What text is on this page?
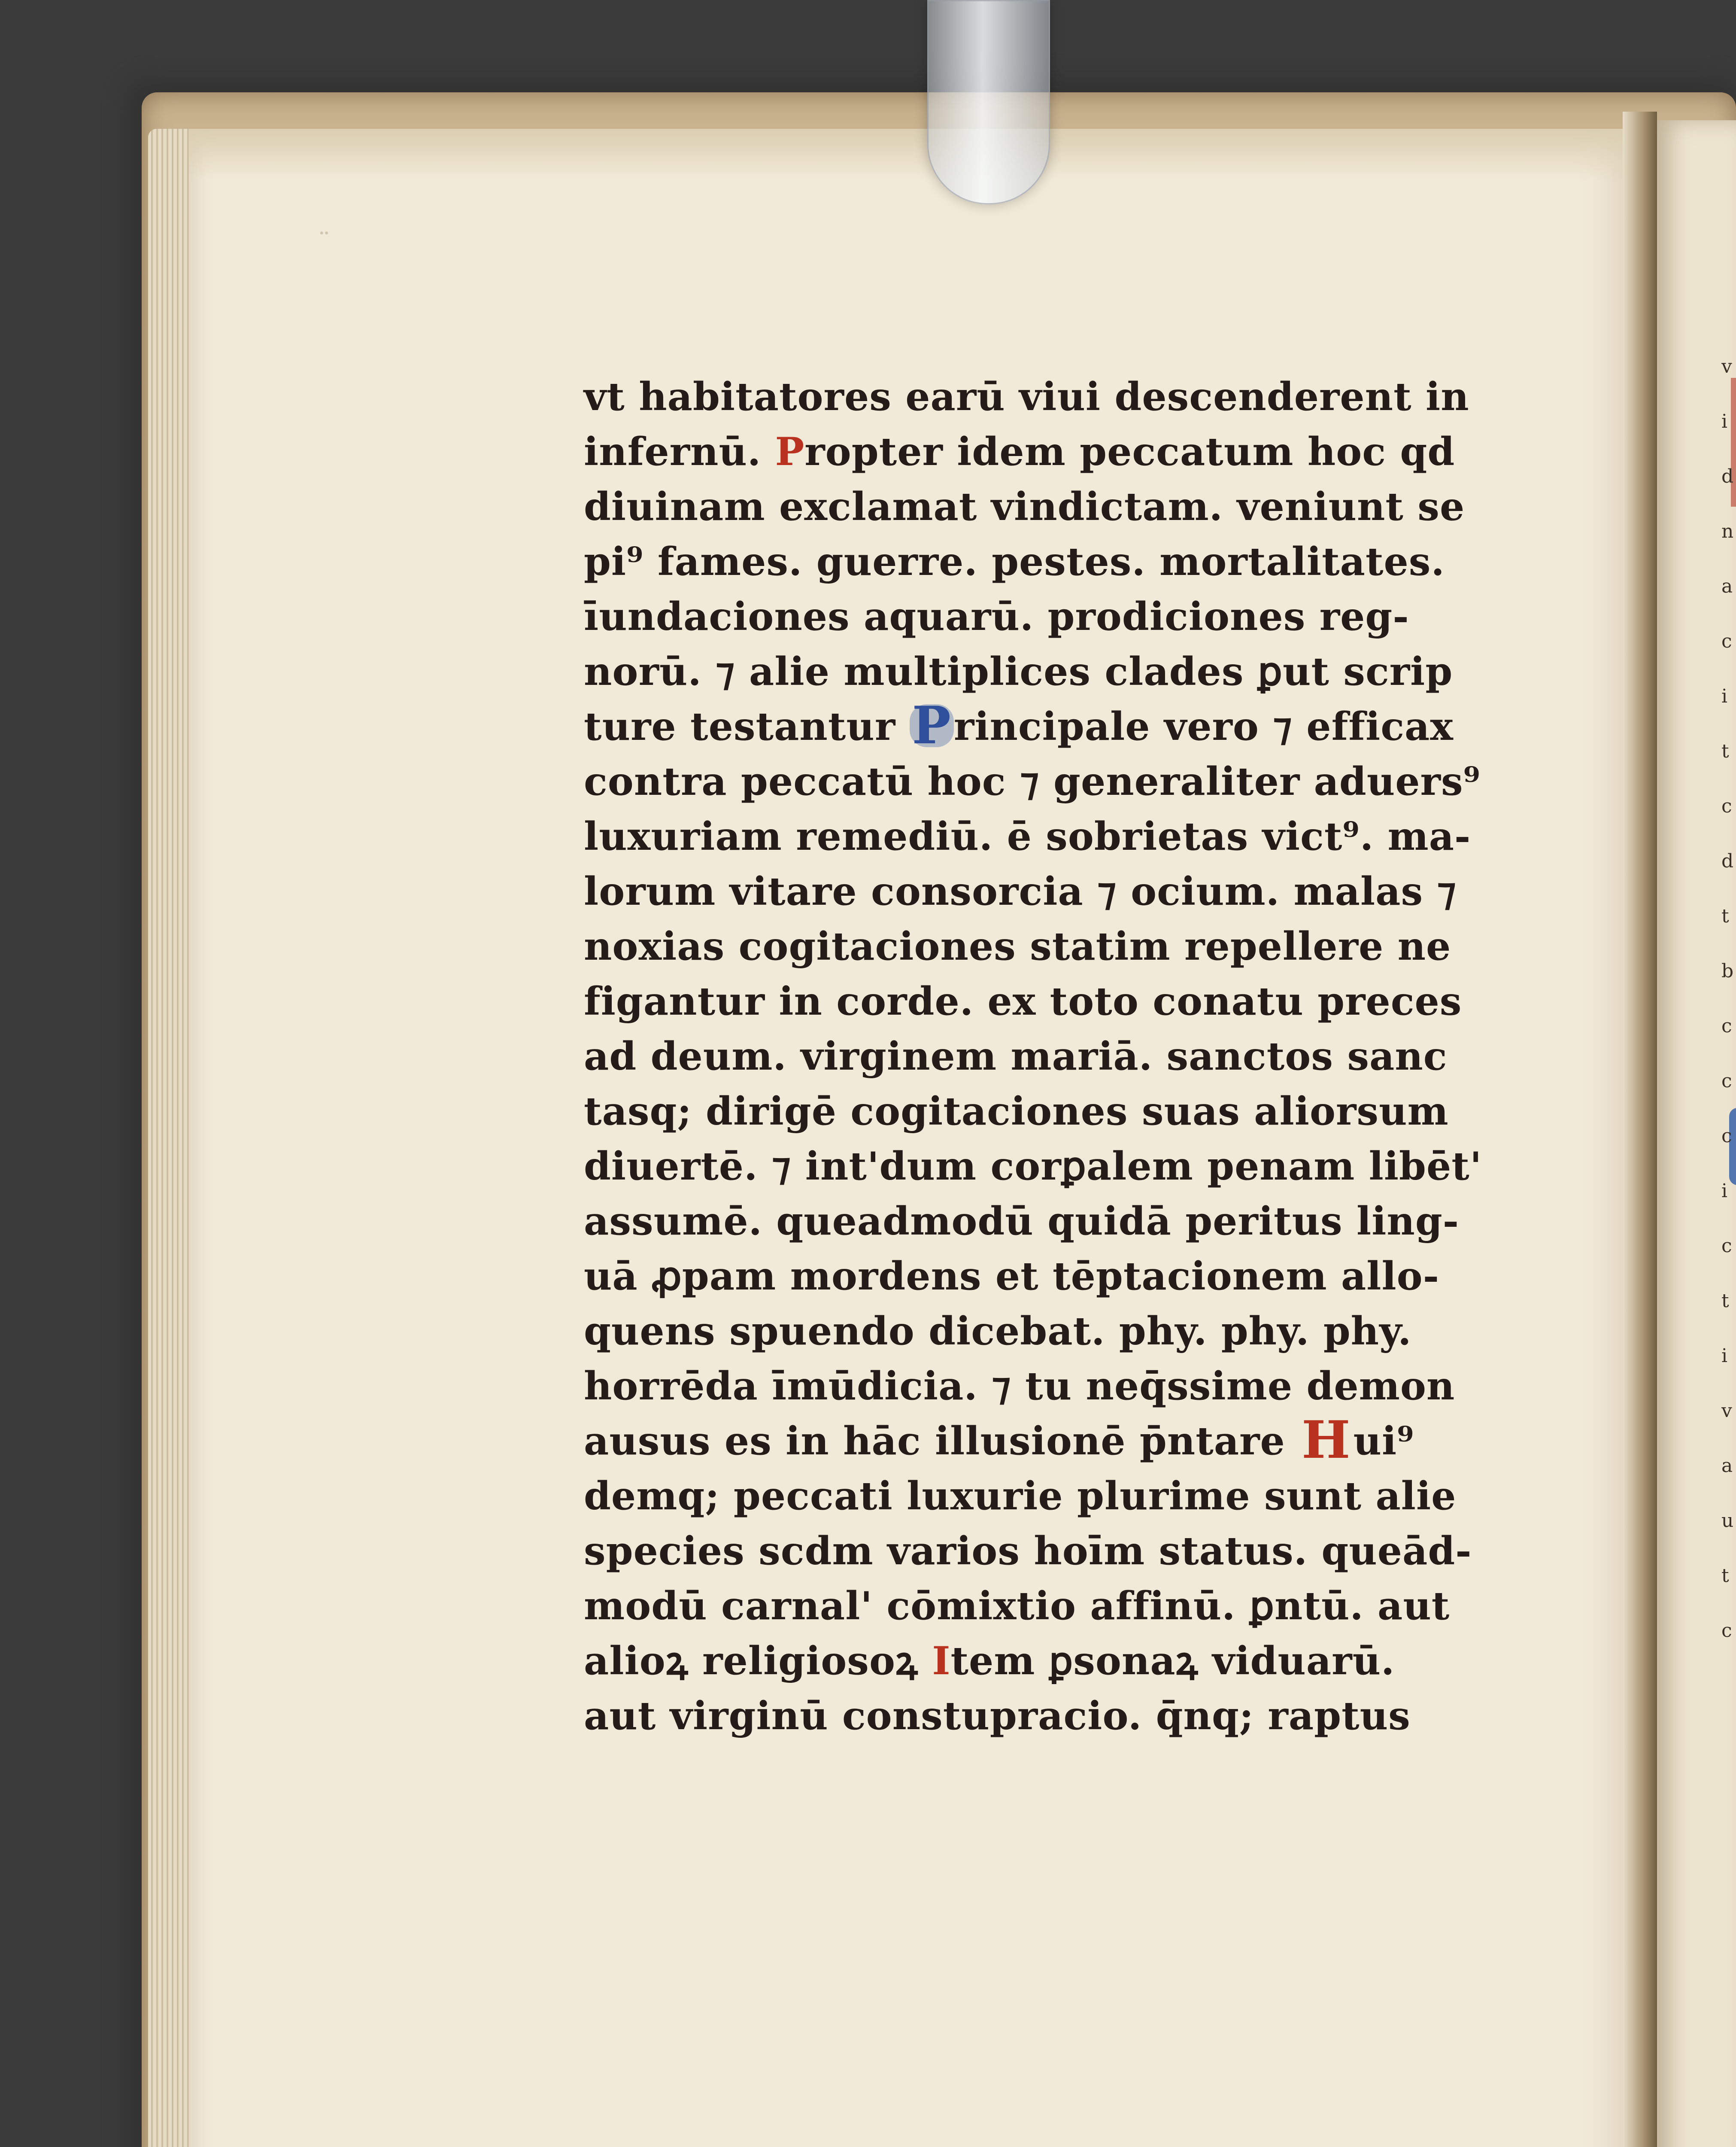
v
i
d
n
a
c
i
t
c
d
t
b
c
c
c
i
c
t
i
v
a
u
t
c
¨
vt habitatores earū viui descenderent in
infernū. Propter idem peccatum hoc qd
diuinam exclamat vindictam. veniunt se
pi⁹ fames. guerre. pestes. mortalitates.
īundaciones aquarū. prodiciones reg-
norū. ⁊ alie multiplices clades ꝑut scrip
ture testantur Principale vero ⁊ efficax
contra peccatū hoc ⁊ generaliter aduers⁹
luxuriam remediū. ē sobrietas vict⁹. ma-
lorum vitare consorcia ⁊ ocium. malas ⁊
noxias cogitaciones statim repellere ne
figantur in corde. ex toto conatu preces
ad deum. virginem mariā. sanctos sanc
tasq; dirigē cogitaciones suas aliorsum
diuertē. ⁊ int'dum corꝑalem penam libēt'
assumē. queadmodū quidā peritus ling-
uā ꝓpam mordens et tēptacionem allo-
quens spuendo dicebat. phy. phy. phy.
horrēda īmūdicia. ⁊ tu neq̄ssime demon
ausus es in hāc illusionē p̄ntare Hui⁹
demq; peccati luxurie plurime sunt alie
species scdm varios hoīm status. queād-
modū carnal' cōmixtio affinū. ꝑntū. aut
alioꝝ religiosoꝝ Item ꝑsonaꝝ viduarū.
aut virginū constupracio. q̄nq; raptus
